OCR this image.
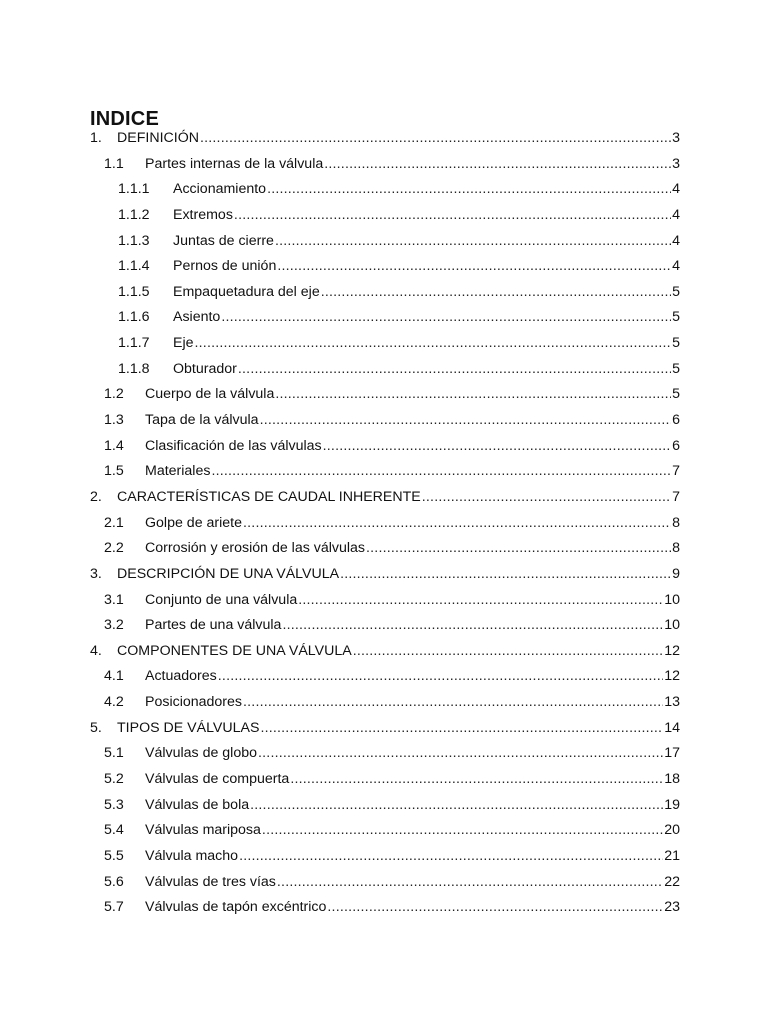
INDICE
1.	DEFINICIÓN .....	3
1.1	Partes internas de la válvula .....	3
1.1.1	Accionamiento .....	4
1.1.2	Extremos .....	4
1.1.3	Juntas de cierre .....	4
1.1.4	Pernos de unión .....	4
1.1.5	Empaquetadura del eje .....	5
1.1.6	Asiento .....	5
1.1.7	Eje .....	5
1.1.8	Obturador .....	5
1.2	Cuerpo de la válvula .....	5
1.3	Tapa de la válvula .....	6
1.4	Clasificación de las válvulas .....	6
1.5	Materiales .....	7
2.	CARACTERÍSTICAS DE CAUDAL INHERENTE .....	7
2.1	Golpe de ariete .....	8
2.2	Corrosión y erosión de las válvulas .....	8
3.	DESCRIPCIÓN DE UNA VÁLVULA .....	9
3.1	Conjunto de una válvula .....	10
3.2	Partes de una válvula .....	10
4.	COMPONENTES DE UNA VÁLVULA .....	12
4.1	Actuadores .....	12
4.2	Posicionadores .....	13
5.	TIPOS DE VÁLVULAS .....	14
5.1	Válvulas de globo .....	17
5.2	Válvulas de compuerta .....	18
5.3	Válvulas de bola .....	19
5.4	Válvulas mariposa .....	20
5.5	Válvula macho .....	21
5.6	Válvulas de tres vías .....	22
5.7	Válvulas de tapón excéntrico .....	23
